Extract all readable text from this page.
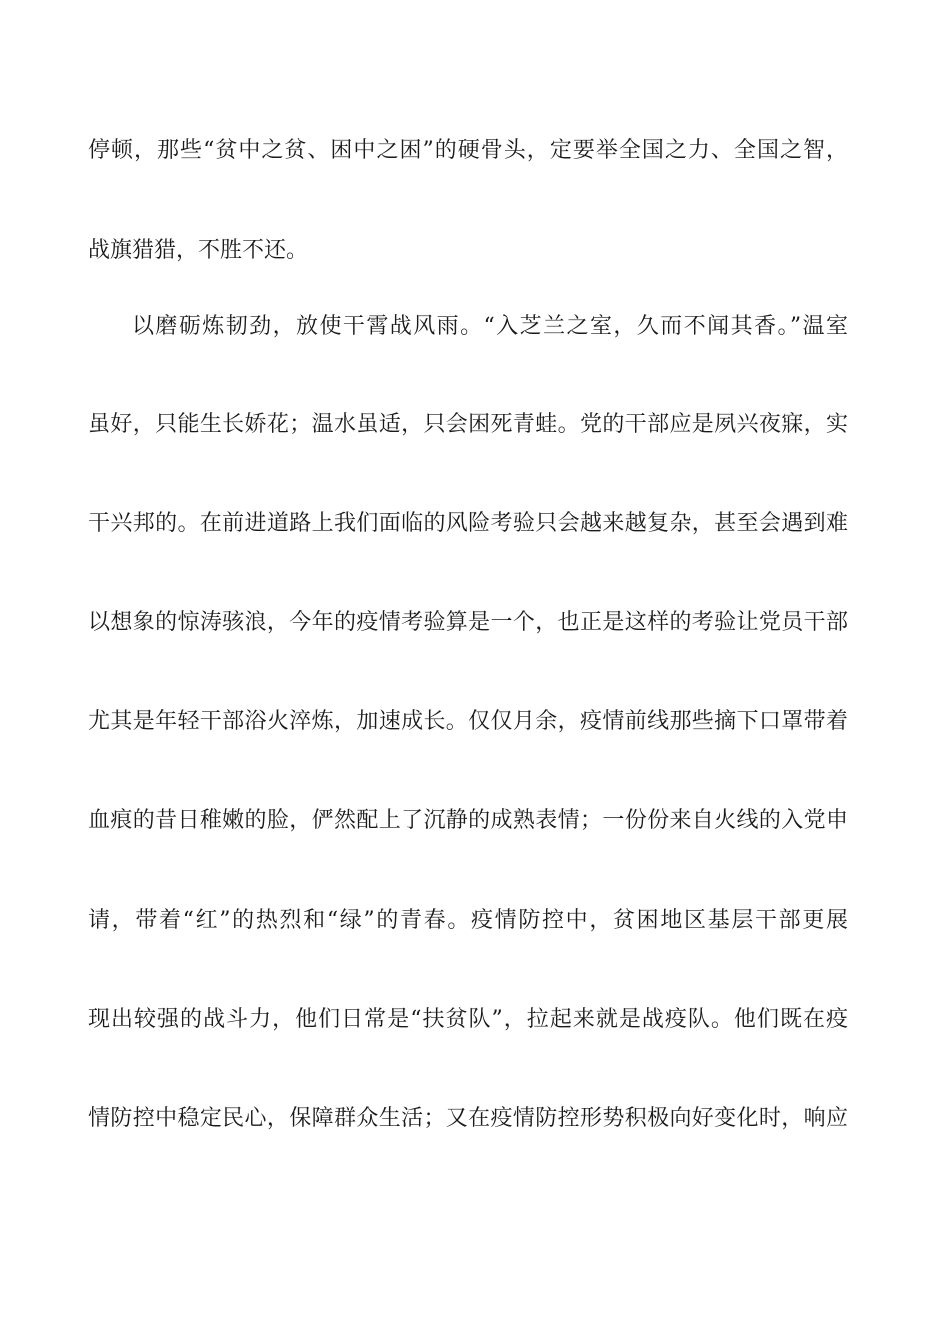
停顿，那些“贫中之贫、困中之困”的硬骨头，定要举全国之力、全国之智，
战旗猎猎，不胜不还。
以磨砺炼韧劲，放使干霄战风雨。“入芝兰之室，久而不闻其香。”温室
虽好，只能生长娇花；温水虽适，只会困死青蛙。党的干部应是夙兴夜寐，实
干兴邦的。在前进道路上我们面临的风险考验只会越来越复杂，甚至会遇到难
以想象的惊涛骇浪，今年的疫情考验算是一个，也正是这样的考验让党员干部
尤其是年轻干部浴火淬炼，加速成长。仅仅月余，疫情前线那些摘下口罩带着
血痕的昔日稚嫩的脸，俨然配上了沉静的成熟表情；一份份来自火线的入党申
请，带着“红”的热烈和“绿”的青春。疫情防控中，贫困地区基层干部更展
现出较强的战斗力，他们日常是“扶贫队”，拉起来就是战疫队。他们既在疫
情防控中稳定民心，保障群众生活；又在疫情防控形势积极向好变化时，响应
